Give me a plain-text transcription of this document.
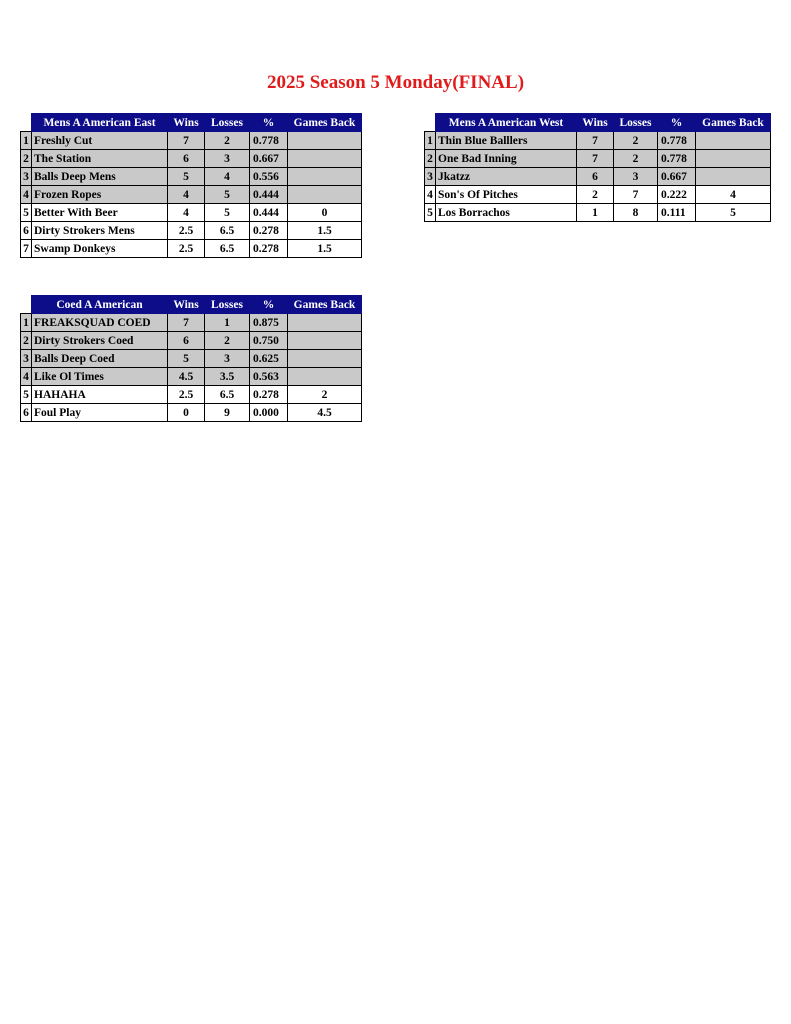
2025 Season 5 Monday(FINAL)
	Mens A American East	Wins	Losses	%	Games Back
1	Freshly Cut	7	2	0.778	
2	The Station	6	3	0.667	
3	Balls Deep Mens	5	4	0.556	
4	Frozen Ropes	4	5	0.444	
5	Better With Beer	4	5	0.444	0
6	Dirty Strokers Mens	2.5	6.5	0.278	1.5
7	Swamp Donkeys	2.5	6.5	0.278	1.5
	Mens A American West	Wins	Losses	%	Games Back
1	Thin Blue Balllers	7	2	0.778	
2	One Bad Inning	7	2	0.778	
3	Jkatzz	6	3	0.667	
4	Son's Of Pitches	2	7	0.222	4
5	Los Borrachos	1	8	0.111	5
	Coed A American	Wins	Losses	%	Games Back
1	FREAKSQUAD COED	7	1	0.875	
2	Dirty Strokers Coed	6	2	0.750	
3	Balls Deep Coed	5	3	0.625	
4	Like Ol Times	4.5	3.5	0.563	
5	HAHAHA	2.5	6.5	0.278	2
6	Foul Play	0	9	0.000	4.5
